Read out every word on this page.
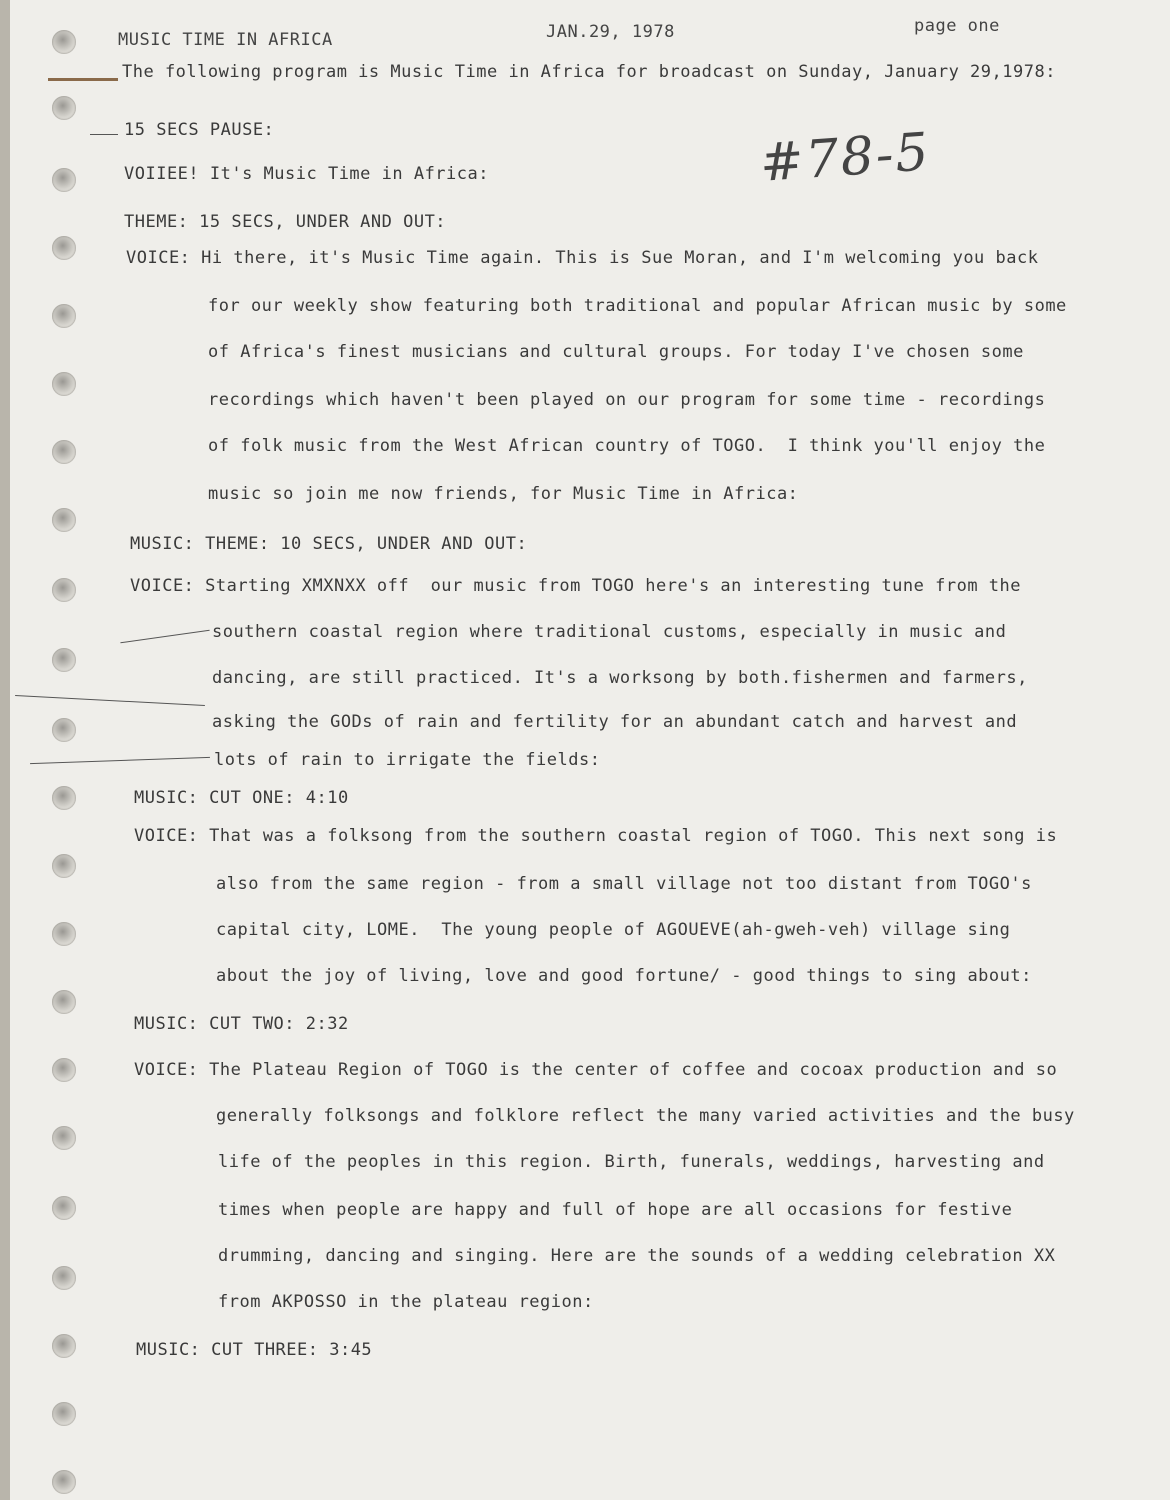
MUSIC TIME IN AFRICA	JAN.29, 1978	page one
#78-5
The following program is Music Time in Africa for broadcast on Sunday, January 29,1978:
15 SECS PAUSE:
VOIIEE! It's Music Time in Africa:
THEME: 15 SECS, UNDER AND OUT:
VOICE: Hi there, it's Music Time again. This is Sue Moran, and I'm welcoming you back
for our weekly show featuring both traditional and popular African music by some
of Africa's finest musicians and cultural groups. For today I've chosen some
recordings which haven't been played on our program for some time - recordings
of folk music from the West African country of TOGO.  I think you'll enjoy the
music so join me now friends, for Music Time in Africa:
MUSIC: THEME: 10 SECS, UNDER AND OUT:
VOICE: Starting XMXNXX off  our music from TOGO here's an interesting tune from the
southern coastal region where traditional customs, especially in music and
dancing, are still practiced. It's a worksong by both.fishermen and farmers,
asking the GODs of rain and fertility for an abundant catch and harvest and
lots of rain to irrigate the fields:
MUSIC: CUT ONE: 4:10
VOICE: That was a folksong from the southern coastal region of TOGO. This next song is
also from the same region - from a small village not too distant from TOGO's
capital city, LOME.  The young people of AGOUEVE(ah-gweh-veh) village sing
about the joy of living, love and good fortune/ - good things to sing about:
MUSIC: CUT TWO: 2:32
VOICE: The Plateau Region of TOGO is the center of coffee and cocoax production and so
generally folksongs and folklore reflect the many varied activities and the busy
life of the peoples in this region. Birth, funerals, weddings, harvesting and
times when people are happy and full of hope are all occasions for festive
drumming, dancing and singing. Here are the sounds of a wedding celebration XX
from AKPOSSO in the plateau region:
MUSIC: CUT THREE: 3:45
